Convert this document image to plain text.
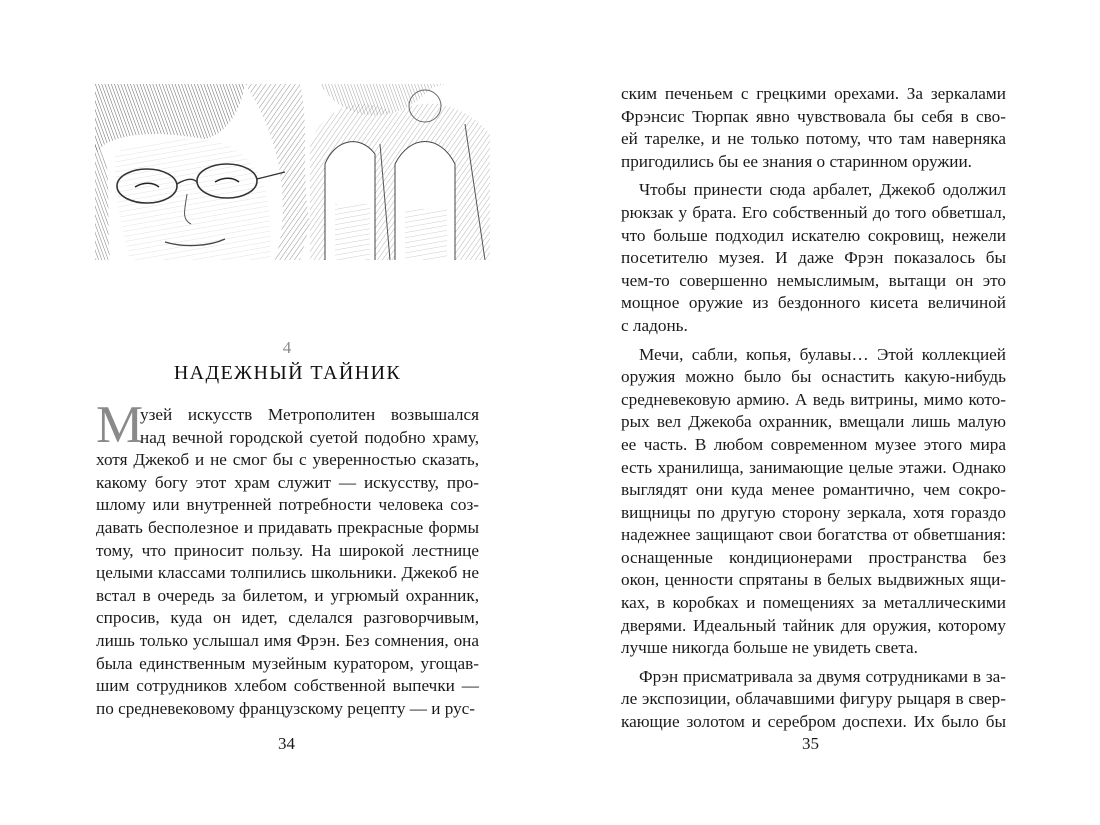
4
НАДЕЖНЫЙ ТАЙНИК
М
узей искусств Метрополитен возвышался
над вечной городской суетой подобно храму,
хотя Джекоб и не смог бы с уверенностью сказать,
какому богу этот храм служит — искусству, про-
шлому или внутренней потребности человека соз-
давать бесполезное и придавать прекрасные формы
тому, что приносит пользу. На широкой лестнице
целыми классами толпились школьники. Джекоб не
встал в очередь за билетом, и угрюмый охранник,
спросив, куда он идет, сделался разговорчивым,
лишь только услышал имя Фрэн. Без сомнения, она
была единственным музейным куратором, угощав-
шим сотрудников хлебом собственной выпечки —
по средневековому французскому рецепту — и рус-
34
ским печеньем с грецкими орехами. За зеркалами
Фрэнсис Тюрпак явно чувствовала бы себя в сво-
ей тарелке, и не только потому, что там наверняка
пригодились бы ее знания о старинном оружии.
Чтобы принести сюда арбалет, Джекоб одолжил
рюкзак у брата. Его собственный до того обветшал,
что больше подходил искателю сокровищ, нежели
посетителю музея. И даже Фрэн показалось бы
чем-то совершенно немыслимым, вытащи он это
мощное оружие из бездонного кисета величиной
с ладонь.
Мечи, сабли, копья, булавы… Этой коллекцией
оружия можно было бы оснастить какую-нибудь
средневековую армию. А ведь витрины, мимо кото-
рых вел Джекоба охранник, вмещали лишь малую
ее часть. В любом современном музее этого мира
есть хранилища, занимающие целые этажи. Однако
выглядят они куда менее романтично, чем сокро-
вищницы по другую сторону зеркала, хотя гораздо
надежнее защищают свои богатства от обветшания:
оснащенные кондиционерами пространства без
окон, ценности спрятаны в белых выдвижных ящи-
ках, в коробках и помещениях за металлическими
дверями. Идеальный тайник для оружия, которому
лучше никогда больше не увидеть света.
Фрэн присматривала за двумя сотрудниками в за-
ле экспозиции, облачавшими фигуру рыцаря в свер-
кающие золотом и серебром доспехи. Их было бы
35
